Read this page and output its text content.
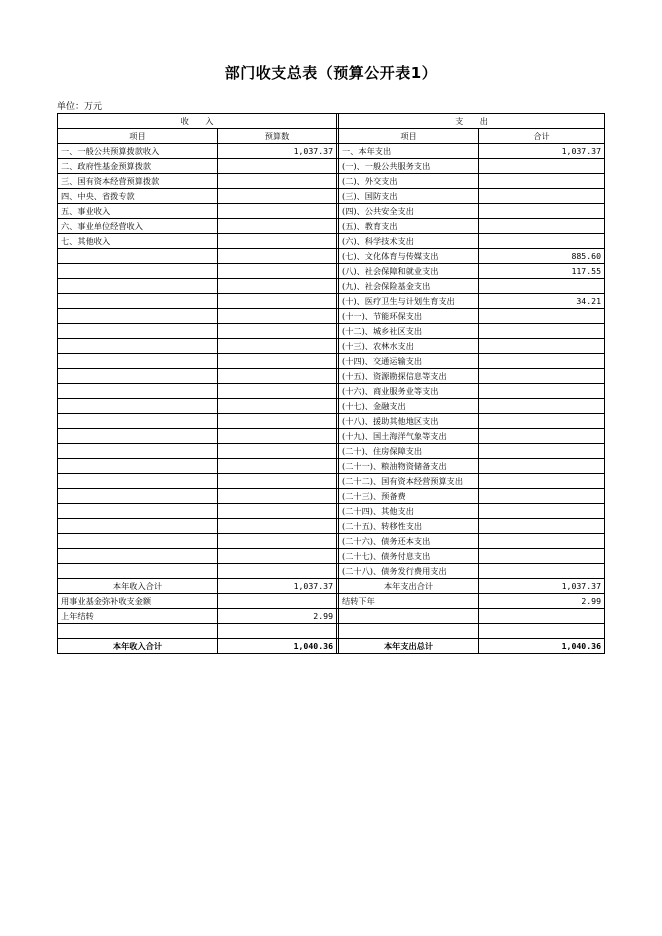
部门收支总表（预算公开表1）
单位：万元
收　　入			支　　出	
项目	预算数		项目	合计
一、一般公共预算拨款收入	1,037.37		一、本年支出	1,037.37
二、政府性基金预算拨款			(一)、一般公共服务支出	
三、国有资本经营预算拨款			(二)、外交支出	
四、中央、省拨专款			(三)、国防支出	
五、事业收入			(四)、公共安全支出	
六、事业单位经营收入			(五)、教育支出	
七、其他收入			(六)、科学技术支出	
			(七)、文化体育与传媒支出	885.60
			(八)、社会保障和就业支出	117.55
			(九)、社会保险基金支出	
			(十)、医疗卫生与计划生育支出	34.21
			(十一)、节能环保支出	
			(十二)、城乡社区支出	
			(十三)、农林水支出	
			(十四)、交通运输支出	
			(十五)、资源勘探信息等支出	
			(十六)、商业服务业等支出	
			(十七)、金融支出	
			(十八)、援助其他地区支出	
			(十九)、国土海洋气象等支出	
			(二十)、住房保障支出	
			(二十一)、粮油物资储备支出	
			(二十二)、国有资本经营预算支出	
			(二十三)、预备费	
			(二十四)、其他支出	
			(二十五)、转移性支出	
			(二十六)、债务还本支出	
			(二十七)、债务付息支出	
			(二十八)、债务发行费用支出	
本年收入合计	1,037.37		本年支出合计	1,037.37
用事业基金弥补收支金额			结转下年	2.99
上年结转	2.99			

本年收入合计	1,040.36		本年支出总计	1,040.36
